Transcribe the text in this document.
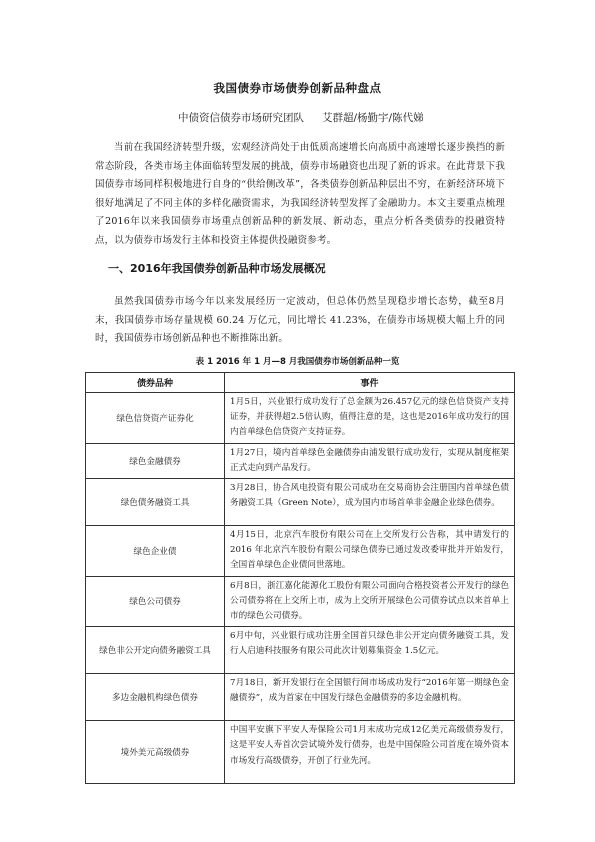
我国债券市场债券创新品种盘点
中债资信债券市场研究团队 艾群超/杨勤宇/陈代娣

当前在我国经济转型升级，宏观经济尚处于由低质高速增长向高质中高速增长逐步换挡的新常态阶段，各类市场主体面临转型发展的挑战，债券市场融资也出现了新的诉求。在此背景下我国债券市场同样积极地进行自身的“供给侧改革”，各类债券创新品种层出不穷，在新经济环境下很好地满足了不同主体的多样化融资需求，为我国经济转型发挥了金融助力。本文主要重点梳理了2016年以来我国债券市场重点创新品种的新发展、新动态，重点分析各类债券的投融资特点，以为债券市场发行主体和投资主体提供投融资参考。

一、2016年我国债券创新品种市场发展概况

虽然我国债券市场今年以来发展经历一定波动，但总体仍然呈现稳步增长态势，截至8月末，我国债券市场存量规模 60.24 万亿元，同比增长 41.23%，在债券市场规模大幅上升的同时，我国债券市场创新品种也不断推陈出新。

表 1 2016 年 1 月—8 月我国债券市场创新品种一览
债券品种	事件
绿色信贷资产证券化	1月5日，兴业银行成功发行了总金额为26.457亿元的绿色信贷资产支持证券，并获得超2.5倍认购，值得注意的是，这也是2016年成功发行的国内首单绿色信贷资产支持证券。
绿色金融债券	1月27日，境内首单绿色金融债券由浦发银行成功发行，实现从制度框架正式走向到产品发行。
绿色债务融资工具	3月28日，协合风电投资有限公司成功在交易商协会注册国内首单绿色债务融资工具（Green Note），成为国内市场首单非金融企业绿色债券。
绿色企业债	4月15日，北京汽车股份有限公司在上交所发行公告称，其申请发行的 2016 年北京汽车股份有限公司绿色债券已通过发改委审批并开始发行，全国首单绿色企业债问世落地。
绿色公司债券	6月8日，浙江嘉化能源化工股份有限公司面向合格投资者公开发行的绿色公司债券将在上交所上市，成为上交所开展绿色公司债券试点以来首单上市的绿色公司债券。
绿色非公开定向债务融资工具	6月中旬，兴业银行成功注册全国首只绿色非公开定向债务融资工具，发行人启迪科技服务有限公司此次计划募集资金 1.5亿元。
多边金融机构绿色债券	7月18日，新开发银行在全国银行间市场成功发行“2016年第一期绿色金融债券”，成为首家在中国发行绿色金融债券的多边金融机构。
境外美元高级债券	中国平安旗下平安人寿保险公司1月末成功完成12亿美元高级债券发行，这是平安人寿首次尝试境外发行债券，也是中国保险公司首度在境外资本市场发行高级债券，开创了行业先河。
